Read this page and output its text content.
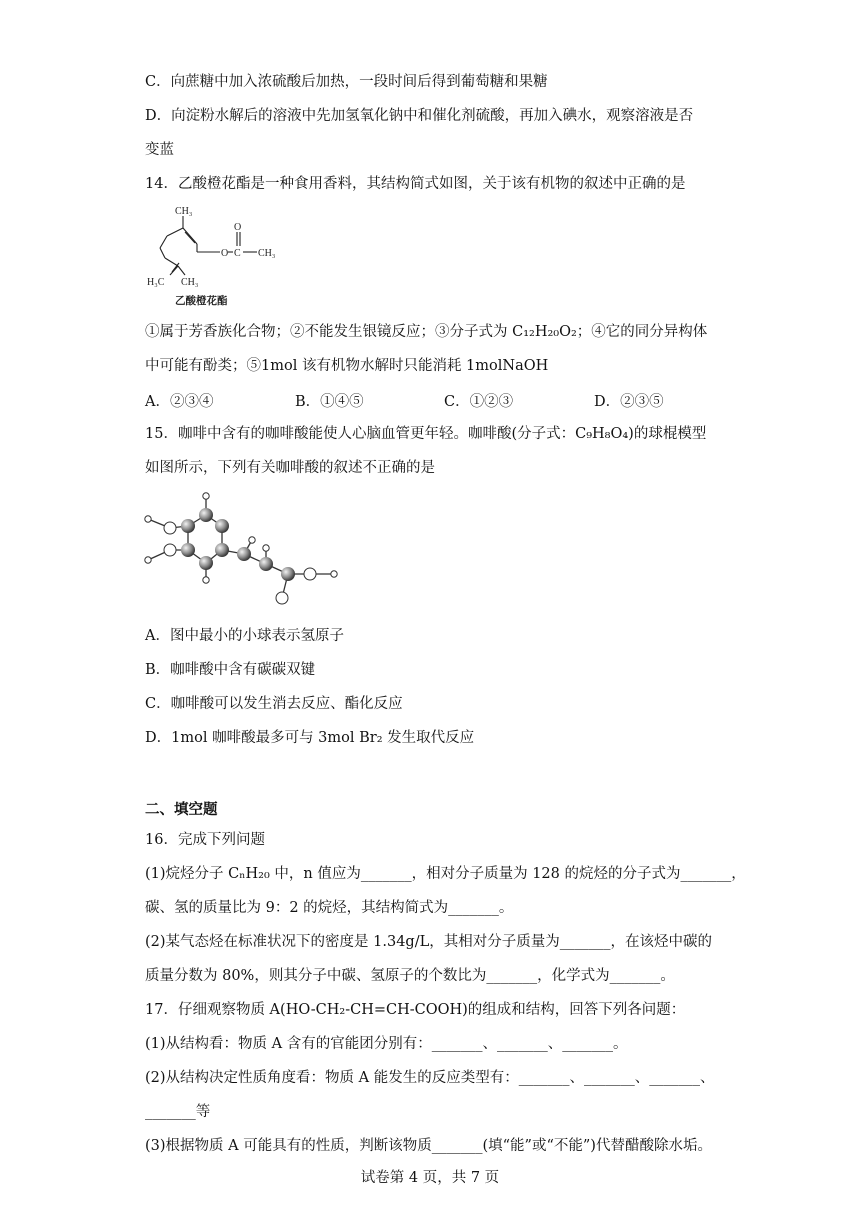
C．向蔗糖中加入浓硫酸后加热，一段时间后得到葡萄糖和果糖
D．向淀粉水解后的溶液中先加氢氧化钠中和催化剂硫酸，再加入碘水，观察溶液是否
变蓝
14．乙酸橙花酯是一种食用香料，其结构简式如图，关于该有机物的叙述中正确的是
CH₃
O
O
C CH₃
H₃C CH₃
乙酸橙花酯
①属于芳香族化合物；②不能发生银镜反应；③分子式为 C₁₂H₂₀O₂；④它的同分异构体
中可能有酚类；⑤1mol 该有机物水解时只能消耗 1molNaOH
A．②③④	B．①④⑤	C．①②③	D．②③⑤
15．咖啡中含有的咖啡酸能使人心脑血管更年轻。咖啡酸(分子式：C₉H₈O₄)的球棍模型
如图所示，下列有关咖啡酸的叙述不正确的是
A．图中最小的小球表示氢原子
B．咖啡酸中含有碳碳双键
C．咖啡酸可以发生消去反应、酯化反应
D．1mol 咖啡酸最多可与 3mol Br₂ 发生取代反应
二、填空题
16．完成下列问题
(1)烷烃分子 CₙH₂₀ 中，n 值应为_______，相对分子质量为 128 的烷烃的分子式为_______，
碳、氢的质量比为 9：2 的烷烃，其结构简式为_______。
(2)某气态烃在标准状况下的密度是 1.34g/L，其相对分子质量为_______，在该烃中碳的
质量分数为 80%，则其分子中碳、氢原子的个数比为_______，化学式为_______。
17．仔细观察物质 A(HO-CH₂-CH=CH-COOH)的组成和结构，回答下列各问题：
(1)从结构看：物质 A 含有的官能团分别有：_______、_______、_______。
(2)从结构决定性质角度看：物质 A 能发生的反应类型有：_______、_______、_______、
_______等
(3)根据物质 A 可能具有的性质，判断该物质_______(填“能”或“不能”)代替醋酸除水垢。
试卷第 4 页，共 7 页
